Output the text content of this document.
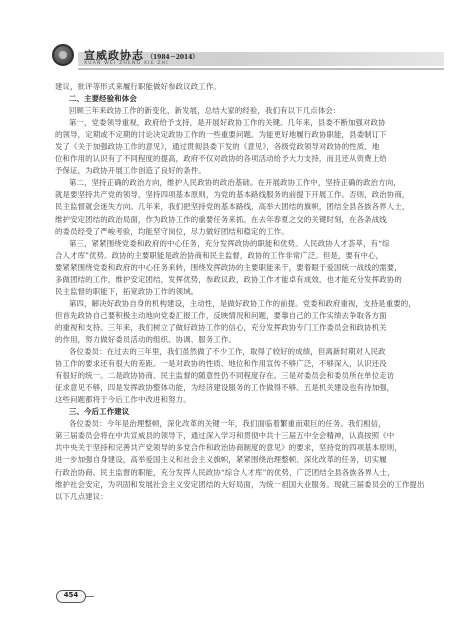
宣威政协志 （1984－2014）
XUAN WEI ZHENG XIE ZHI
建议，批评等形式来履行职能做好参政议政工作。
二、主要经验和体会
回顾三年来政协工作的新变化，新发展，总结大家的经验，我们有以下几点体会：
第一，党委领导重视，政府给予支持，是开展好政协工作的关键。几年来，县委不断加强对政协
的领导，定期或不定期的讨论决定政协工作的一些重要问题。为能更好地履行政协职能，县委制订下
发了《关于加强政协工作的意见》，通过贯彻县委下发的《意见》，各级党政领导对政协的性质、地
位和作用的认识有了不同程度的提高，政府不仅对政协的各项活动给予大力支持，而且还从资费上给
予保证，为政协开展工作创造了良好的条件。
第二，坚持正确的政治方向，维护人民政协的政治基础。在开展政协工作中，坚持正确的政治方向，
就是要坚持共产党的领导，坚持四项基本原则，为党的基本路线服务的前提下开展工作。否则，政治协商，
民主监督就会迷失方向。几年来，我们把坚持党的基本路线，高举大团结的旗帜，团结全县各族各界人士，
维护安定团结的政治局面，作为政协工作的重要任务来抓。在去年春夏之交的关键时刻，在各条战线
的委员经受了严峻考验，均能坚守岗位，尽力做好团结和稳定的工作。
第三，紧紧围绕党委和政府的中心任务，充分发挥政协的职能和优势。人民政协人才荟萃，有“综
合人才库”优势。政协的主要职能是政治协商和民主监督，政协的工作非常广泛。但是，要有中心，
要紧紧围绕党委和政府的中心任务来转，围绕发挥政协的主要职能来干，要着眼于爱国统一战线的需要，
多做团结的工作，维护安定团结，发挥优势，参政议政，政协工作才能卓有成效，也才能充分发挥政协的
民主监督的职能下，拓宽政协工作的领域。
第四，解决好政协自身的机构建设，主动性，是做好政协工作的前提。党委和政府重视，支持是重要的，
但首先政协自己要积极主动地向党委汇报工作，反映情况和问题，要靠自己的工作实绩去争取各方面
的重视和支持。三年来，我们树立了做好政协工作的信心，充分发挥政协专门工作委员会和政协机关
的作用，努力做好委员活动的组织、协调、服务工作。
各位委员：在过去的三年里，我们虽然做了不少工作，取得了较好的成绩，但离新时期对人民政
协工作的要求还有很大的差距。一是对政协的性质、地位和作用宣传不够广泛，不够深入，认识还没
有很好的统一。二是政协协商、民主监督的随意性仍不同程度存在。三是对委员会和委员所在单位走访
征求意见不够，四是发挥政协整体功能，为经济建设服务的工作做得不够。五是机关建设也有待加强，
这些问题都将于今后工作中改进和努力。
三、今后工作建议
各位委员：今年是治理整顿，深化改革的关键一年，我们面临着繁重而艰巨的任务。我们相信，
第三届委员会将在中共宣威县的领导下，通过深入学习和贯彻中共十三届五中全会精神，认真按照《中
共中央关于坚持和完善共产党领导的多党合作和政治协商制度的意见》的要求，坚持党的四项基本原则，
进一步加强自身建设，高举爱国主义和社会主义旗帜，紧紧围绕治理整顿、深化改革的任务，切实履
行政治协商、民主监督的职能，充分发挥人民政协“综合人才库”的优势，广泛团结全县各族各界人士，
维护社会安定，为巩固和发展社会主义安定团结的大好局面，为统一祖国大业服务。现就三届委员会的工作提出
以下几点建议：
454
